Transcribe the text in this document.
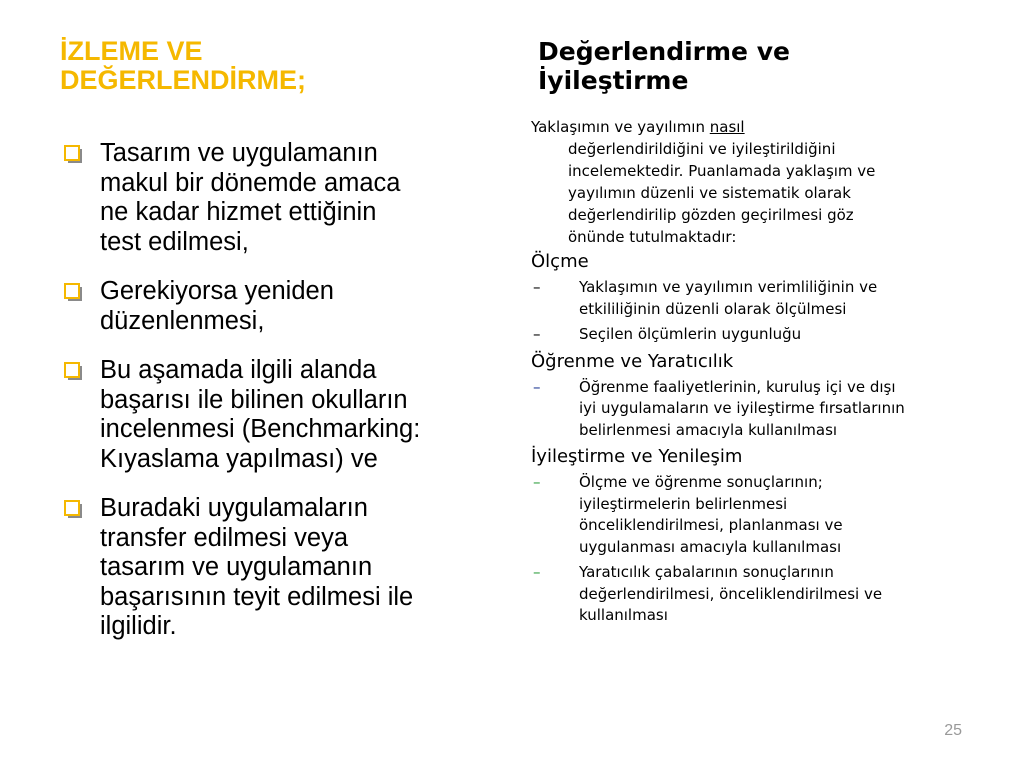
İZLEME VE
DEĞERLENDİRME;
Değerlendirme ve
İyileştirme
Tasarım ve uygulamanın
makul bir dönemde amaca
ne kadar hizmet ettiğinin
test edilmesi,
Gerekiyorsa yeniden
düzenlenmesi,
Bu aşamada ilgili alanda
başarısı ile bilinen okulların
incelenmesi (Benchmarking:
Kıyaslama yapılması) ve
Buradaki uygulamaların
transfer edilmesi veya
tasarım ve uygulamanın
başarısının teyit edilmesi ile
ilgilidir.

Yaklaşımın ve yayılımın nasıl
değerlendirildiğini ve iyileştirildiğini
incelemektedir. Puanlamada yaklaşım ve
yayılımın düzenli ve sistematik olarak
değerlendirilip gözden geçirilmesi göz
önünde tutulmaktadır:

Ölçme
–	Yaklaşımın ve yayılımın verimliliğinin ve
etkililiğinin düzenli olarak ölçülmesi
–	Seçilen ölçümlerin uygunluğu
Öğrenme ve Yaratıcılık
–	Öğrenme faaliyetlerinin, kuruluş içi ve dışı
iyi uygulamaların ve iyileştirme fırsatlarının
belirlenmesi amacıyla kullanılması
İyileştirme ve Yenileşim
–	Ölçme ve öğrenme sonuçlarının;
iyileştirmelerin belirlenmesi
önceliklendirilmesi, planlanması ve
uygulanması amacıyla kullanılması
–	Yaratıcılık çabalarının sonuçlarının
değerlendirilmesi, önceliklendirilmesi ve
kullanılması
25
